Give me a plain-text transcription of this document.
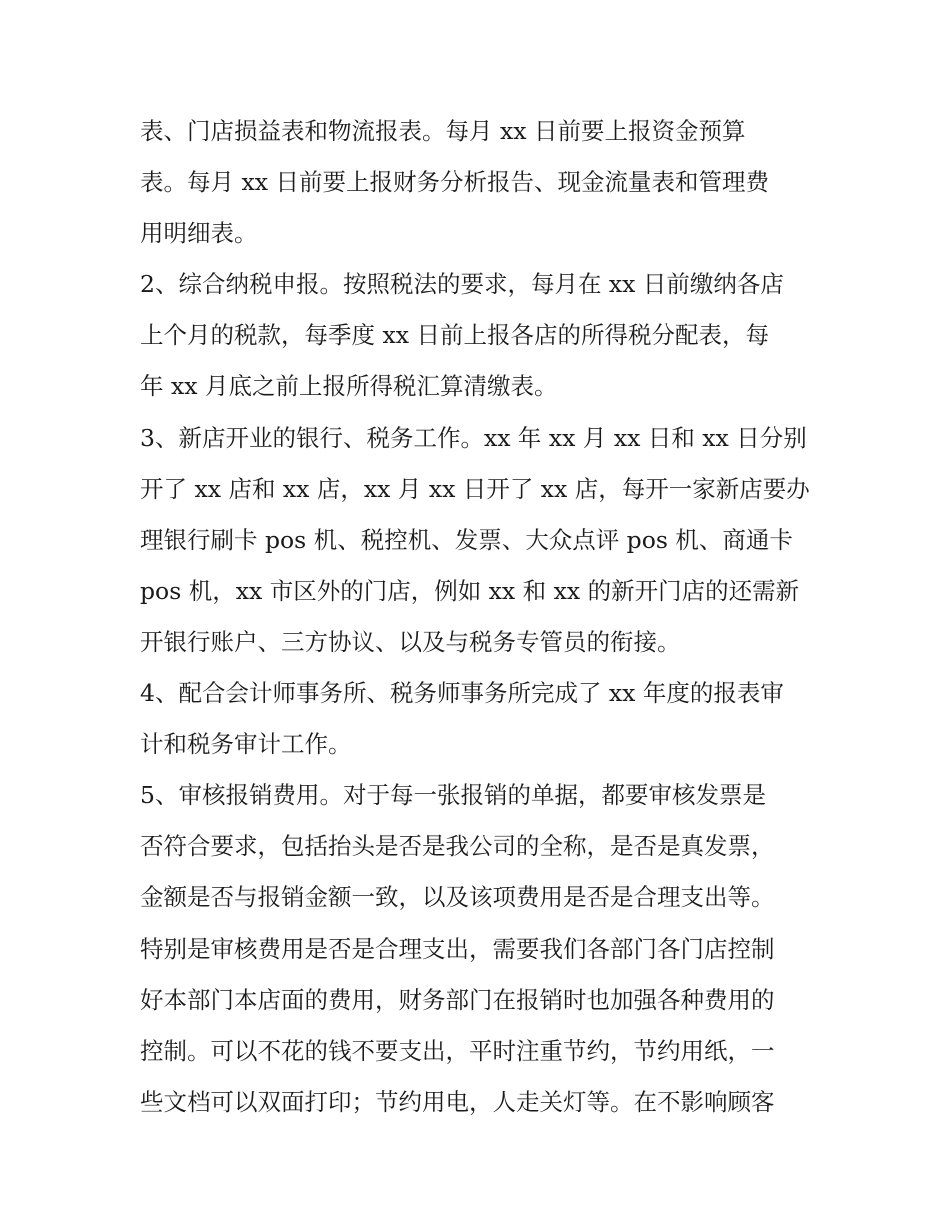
表、门店损益表和物流报表。每月 xx 日前要上报资金预算
表。每月 xx 日前要上报财务分析报告、现金流量表和管理费
用明细表。
2、综合纳税申报。按照税法的要求，每月在 xx 日前缴纳各店
上个月的税款，每季度 xx 日前上报各店的所得税分配表，每
年 xx 月底之前上报所得税汇算清缴表。
3、新店开业的银行、税务工作。xx 年 xx 月 xx 日和 xx 日分别
开了 xx 店和 xx 店，xx 月 xx 日开了 xx 店，每开一家新店要办
理银行刷卡 pos 机、税控机、发票、大众点评 pos 机、商通卡
pos 机，xx 市区外的门店，例如 xx 和 xx 的新开门店的还需新
开银行账户、三方协议、以及与税务专管员的衔接。
4、配合会计师事务所、税务师事务所完成了 xx 年度的报表审
计和税务审计工作。
5、审核报销费用。对于每一张报销的单据，都要审核发票是
否符合要求，包括抬头是否是我公司的全称，是否是真发票，
金额是否与报销金额一致，以及该项费用是否是合理支出等。
特别是审核费用是否是合理支出，需要我们各部门各门店控制
好本部门本店面的费用，财务部门在报销时也加强各种费用的
控制。可以不花的钱不要支出，平时注重节约，节约用纸，一
些文档可以双面打印；节约用电，人走关灯等。在不影响顾客
